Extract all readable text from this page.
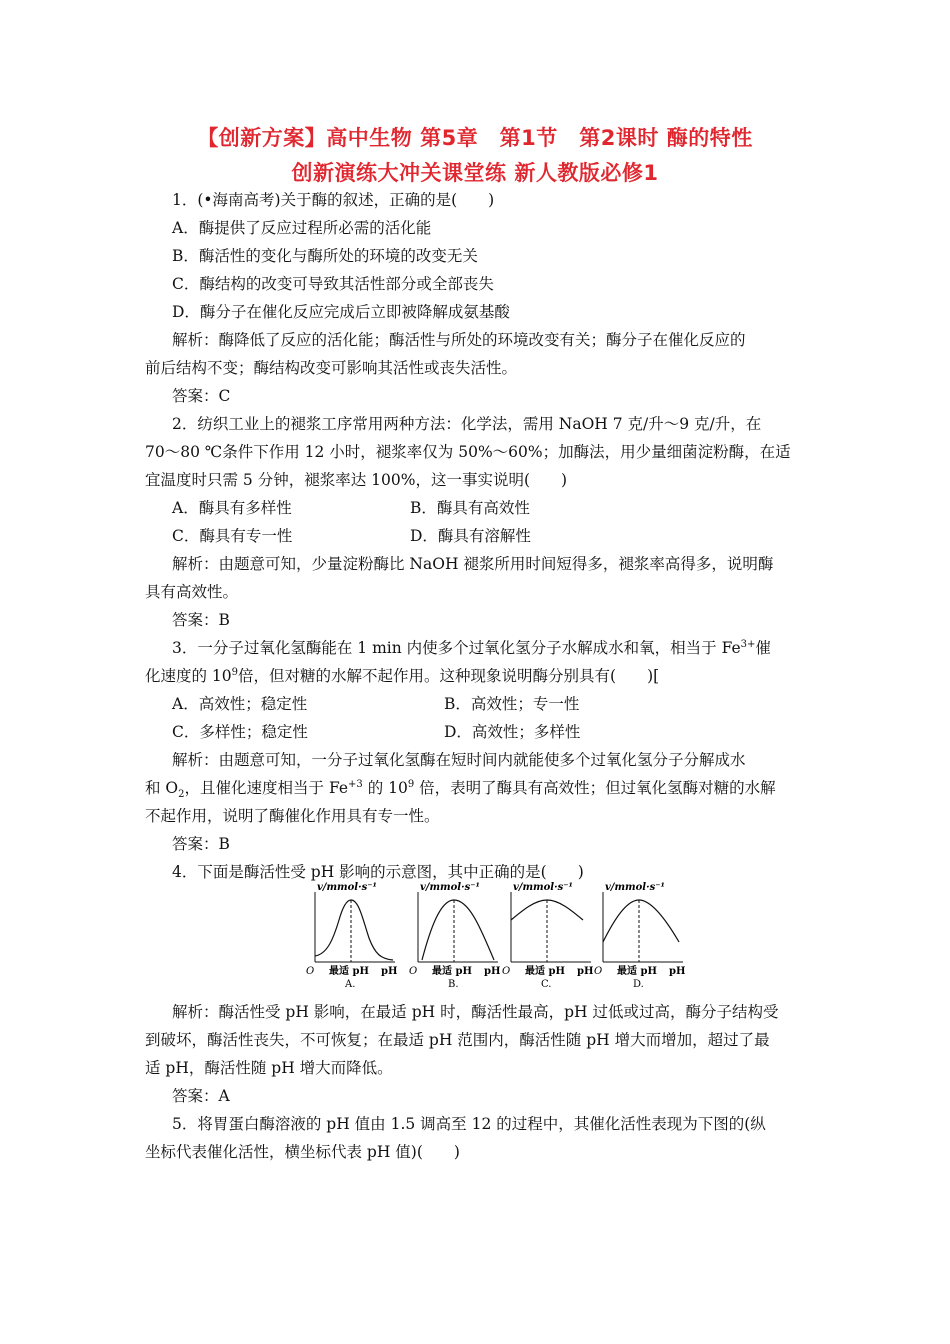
【创新方案】高中生物 第5章　第1节　第2课时 酶的特性
创新演练大冲关课堂练 新人教版必修1
1．(•海南高考)关于酶的叙述，正确的是(　　)
A．酶提供了反应过程所必需的活化能
B．酶活性的变化与酶所处的环境的改变无关
C．酶结构的改变可导致其活性部分或全部丧失
D．酶分子在催化反应完成后立即被降解成氨基酸
解析：酶降低了反应的活化能；酶活性与所处的环境改变有关；酶分子在催化反应的
前后结构不变；酶结构改变可影响其活性或丧失活性。
答案：C
2．纺织工业上的褪浆工序常用两种方法：化学法，需用 NaOH 7 克/升～9 克/升，在
70～80 ℃条件下作用 12 小时，褪浆率仅为 50%～60%；加酶法，用少量细菌淀粉酶，在适
宜温度时只需 5 分钟，褪浆率达 100%，这一事实说明(　　)
A．酶具有多样性	B．酶具有高效性
C．酶具有专一性	D．酶具有溶解性
解析：由题意可知，少量淀粉酶比 NaOH 褪浆所用时间短得多，褪浆率高得多，说明酶
具有高效性。
答案：B
3．一分子过氧化氢酶能在 1 min 内使多个过氧化氢分子水解成水和氧，相当于 $Fe^{3+}$催
化速度的 $10^9$倍，但对糖的水解不起作用。这种现象说明酶分别具有(　　)[
A．高效性；稳定性	B．高效性；专一性
C．多样性；稳定性	D．高效性；多样性
解析：由题意可知，一分子过氧化氢酶在短时间内就能使多个过氧化氢分子分解成水
和 $O_2$，且催化速度相当于 $Fe^{+3}$ 的 $10^9$ 倍，表明了酶具有高效性；但过氧化氢酶对糖的水解
不起作用，说明了酶催化作用具有专一性。
答案：B
4．下面是酶活性受 pH 影响的示意图，其中正确的是(　　)
v/mmol·s⁻¹
O 最适 pH pH
A.
v/mmol·s⁻¹
O 最适 pH pH
B.
v/mmol·s⁻¹
O 最适 pH pH
C.
v/mmol·s⁻¹
O 最适 pH pH
D.
解析：酶活性受 pH 影响，在最适 pH 时，酶活性最高，pH 过低或过高，酶分子结构受
到破坏，酶活性丧失，不可恢复；在最适 pH 范围内，酶活性随 pH 增大而增加，超过了最
适 pH，酶活性随 pH 增大而降低。
答案：A
5．将胃蛋白酶溶液的 pH 值由 1.5 调高至 12 的过程中，其催化活性表现为下图的(纵
坐标代表催化活性，横坐标代表 pH 值)(　　)
